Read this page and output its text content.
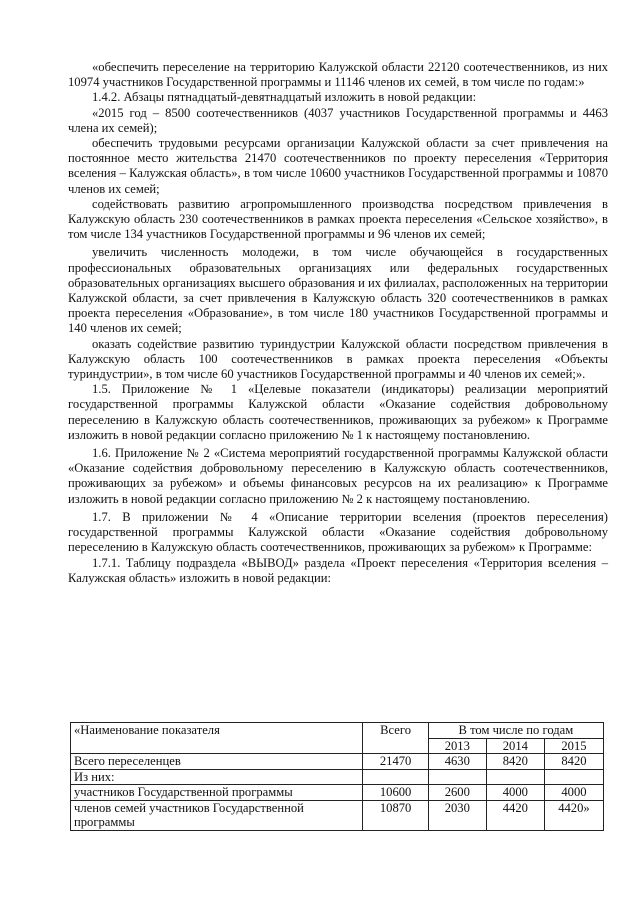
«обеспечить переселение на территорию Калужской области 22120 соотечественников, из них 10974 участников Государственной программы и 11146 членов их семей, в том числе по годам:»

1.4.2. Абзацы пятнадцатый-девятнадцатый изложить в новой редакции:

«2015 год – 8500 соотечественников (4037 участников Государственной программы и 4463 члена их семей);

обеспечить трудовыми ресурсами организации Калужской области за счет привлечения на постоянное место жительства 21470 соотечественников по проекту переселения «Территория вселения – Калужская область», в том числе 10600 участников Государственной программы и 10870 членов их семей;

содействовать развитию агропромышленного производства посредством привлечения в Калужскую область 230 соотечественников в рамках проекта переселения «Сельское хозяйство», в том числе 134 участников Государственной программы и 96 членов их семей;

увеличить численность молодежи, в том числе обучающейся в государственных профессиональных образовательных организациях или федеральных государственных образовательных организациях высшего образования и их филиалах, расположенных на территории Калужской области, за счет привлечения в Калужскую область 320 соотечественников в рамках проекта переселения «Образование», в том числе 180 участников Государственной программы и 140 членов их семей;

оказать содействие развитию туриндустрии Калужской области посредством привлечения в Калужскую область 100 соотечественников в рамках проекта переселения «Объекты туриндустрии», в том числе 60 участников Государственной программы и 40 членов их семей;».

1.5. Приложение № 1 «Целевые показатели (индикаторы) реализации мероприятий государственной программы Калужской области «Оказание содействия добровольному переселению в Калужскую область соотечественников, проживающих за рубежом» к Программе изложить в новой редакции согласно приложению № 1 к настоящему постановлению.

1.6. Приложение № 2 «Система мероприятий государственной программы Калужской области «Оказание содействия добровольному переселению в Калужскую область соотечественников, проживающих за рубежом» и объемы финансовых ресурсов на их реализацию» к Программе изложить в новой редакции согласно приложению № 2 к настоящему постановлению.

1.7. В приложении № 4 «Описание территории вселения (проектов переселения) государственной программы Калужской области «Оказание содействия добровольному переселению в Калужскую область соотечественников, проживающих за рубежом» к Программе:

1.7.1. Таблицу подраздела «ВЫВОД» раздела «Проект переселения «Территория вселения – Калужская область» изложить в новой редакции:

«Наименование показателя	Всего	В том числе по годам		
		2013	2014	2015
Всего переселенцев	21470	4630	8420	8420
Из них:				
участников Государственной программы	10600	2600	4000	4000
членов семей участников Государственной программы	10870	2030	4420	4420»
